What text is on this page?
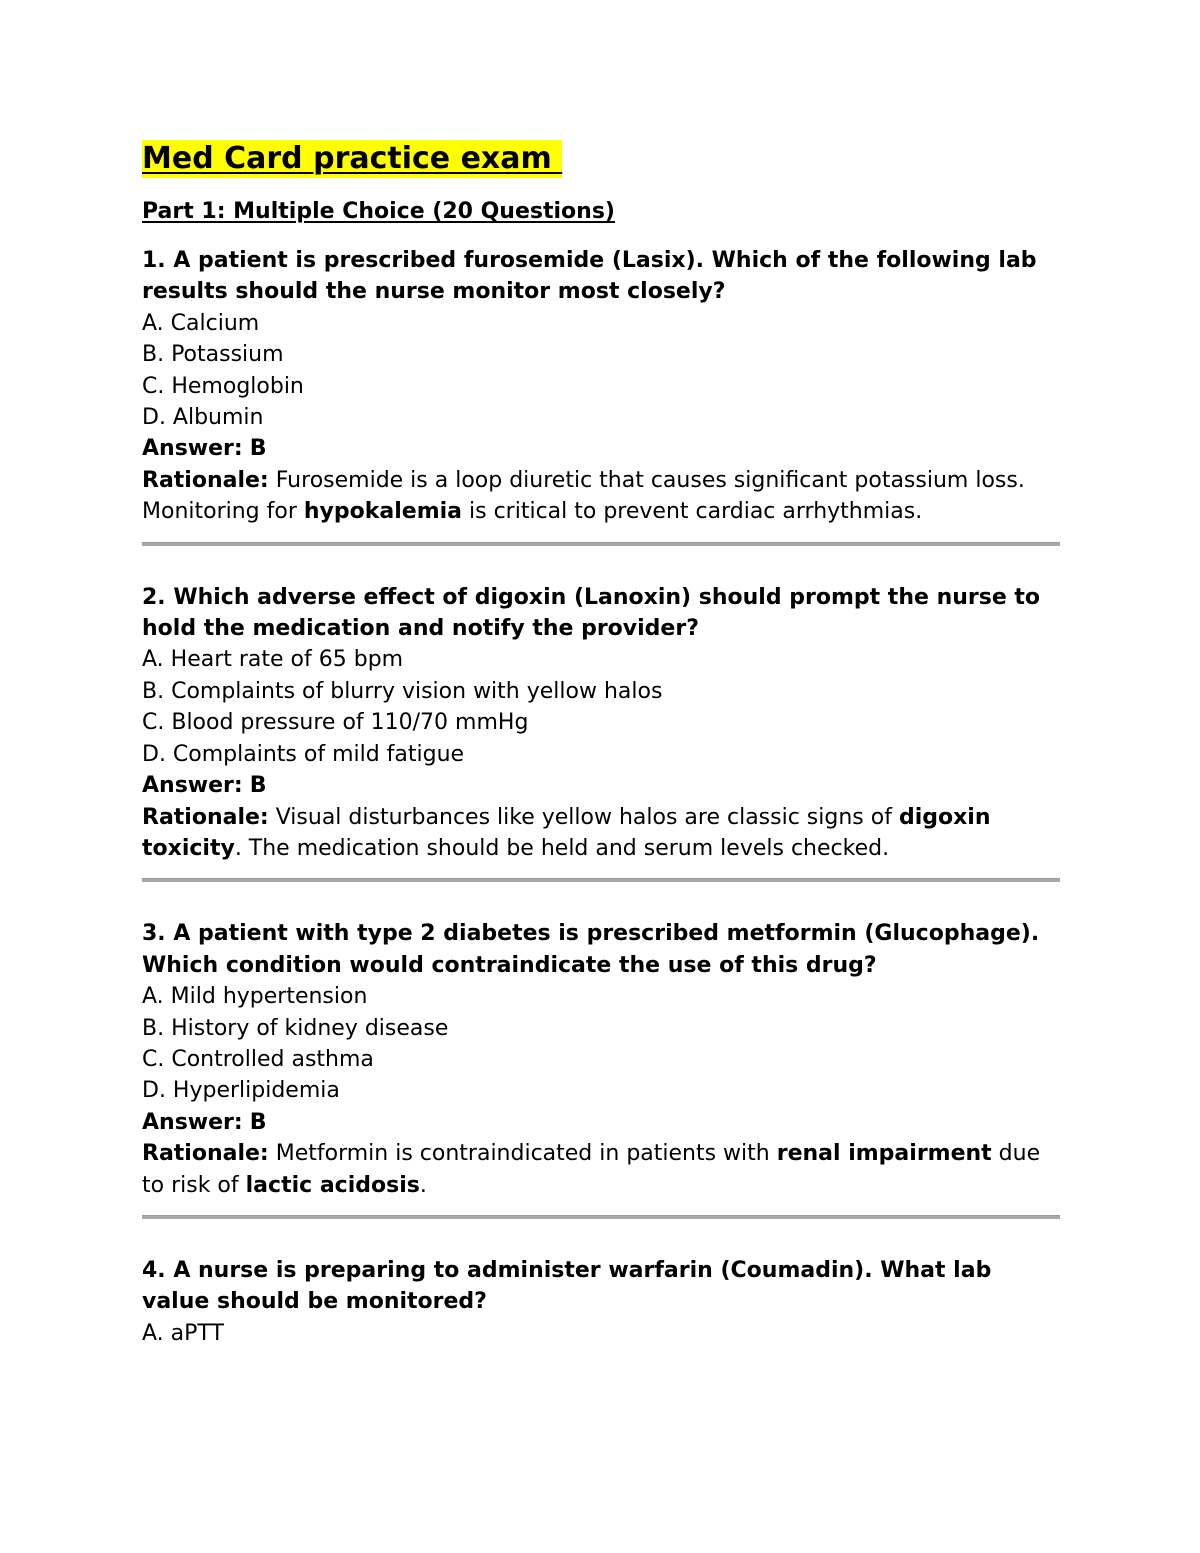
Med Card practice exam
Part 1: Multiple Choice (20 Questions)

1. A patient is prescribed furosemide (Lasix). Which of the following lab results should the nurse monitor most closely?

A. Calcium

B. Potassium

C. Hemoglobin

D. Albumin

Answer: B

Rationale: Furosemide is a loop diuretic that causes significant potassium loss. Monitoring for hypokalemia is critical to prevent cardiac arrhythmias.

2. Which adverse effect of digoxin (Lanoxin) should prompt the nurse to hold the medication and notify the provider?

A. Heart rate of 65 bpm

B. Complaints of blurry vision with yellow halos

C. Blood pressure of 110/70 mmHg

D. Complaints of mild fatigue

Answer: B

Rationale: Visual disturbances like yellow halos are classic signs of digoxin toxicity. The medication should be held and serum levels checked.

3. A patient with type 2 diabetes is prescribed metformin (Glucophage). Which condition would contraindicate the use of this drug?

A. Mild hypertension

B. History of kidney disease

C. Controlled asthma

D. Hyperlipidemia

Answer: B

Rationale: Metformin is contraindicated in patients with renal impairment due to risk of lactic acidosis.

4. A nurse is preparing to administer warfarin (Coumadin). What lab value should be monitored?

A. aPTT
